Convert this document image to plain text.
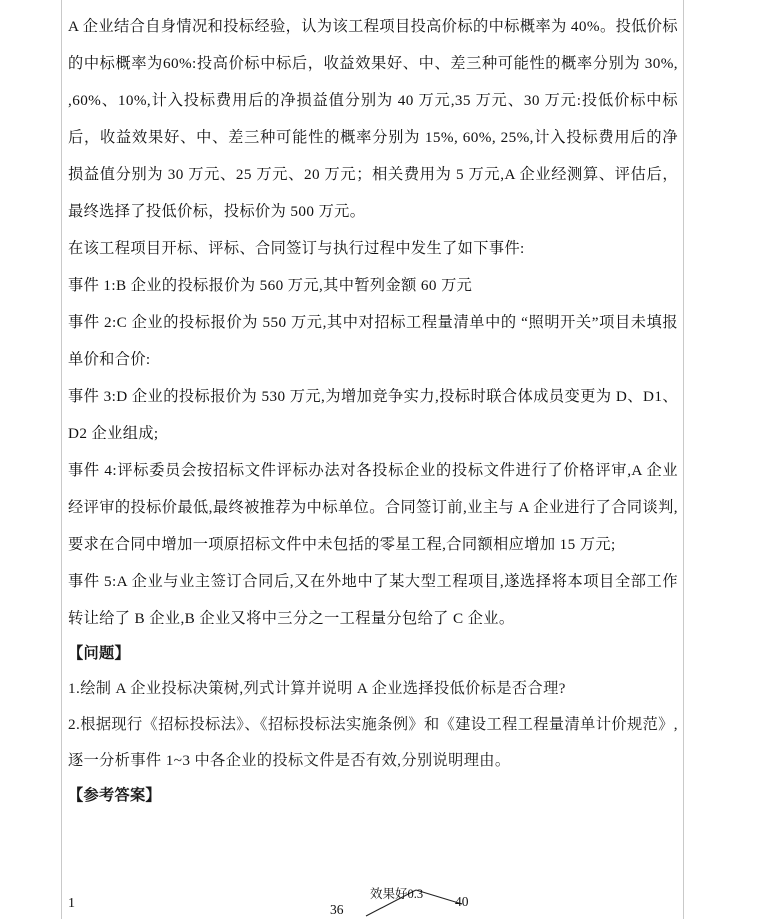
A 企业结合自身情况和投标经验，认为该工程项目投高价标的中标概率为 40%。投低价标的中标概率为60%:投高价标中标后，收益效果好、中、差三种可能性的概率分别为 30%, ,60%、10%,计入投标费用后的净损益值分别为 40 万元,35 万元、30 万元:投低价标中标后，收益效果好、中、差三种可能性的概率分别为 15%, 60%, 25%,计入投标费用后的净损益值分别为 30 万元、25 万元、20 万元；相关费用为 5 万元,A 企业经测算、评估后，最终选择了投低价标，投标价为 500 万元。

在该工程项目开标、评标、合同签订与执行过程中发生了如下事件:

事件 1:B 企业的投标报价为 560 万元,其中暂列金额 60 万元

事件 2:C 企业的投标报价为 550 万元,其中对招标工程量清单中的 “照明开关”项目未填报单价和合价:

事件 3:D 企业的投标报价为 530 万元,为增加竞争实力,投标时联合体成员变更为 D、D1、D2 企业组成;

事件 4:评标委员会按招标文件评标办法对各投标企业的投标文件进行了价格评审,A 企业经评审的投标价最低,最终被推荐为中标单位。合同签订前,业主与 A 企业进行了合同谈判,要求在合同中增加一项原招标文件中未包括的零星工程,合同额相应增加 15 万元;

事件 5:A 企业与业主签订合同后,又在外地中了某大型工程项目,遂选择将本项目全部工作转让给了 B 企业,B 企业又将中三分之一工程量分包给了 C 企业。

【问题】

1.绘制 A 企业投标决策树,列式计算并说明 A 企业选择投低价标是否合理?

2.根据现行《招标投标法》、《招标投标法实施条例》和《建设工程工程量清单计价规范》,逐一分析事件 1~3 中各企业的投标文件是否有效,分别说明理由。

【参考答案】

1
效果好0.3
36
40
